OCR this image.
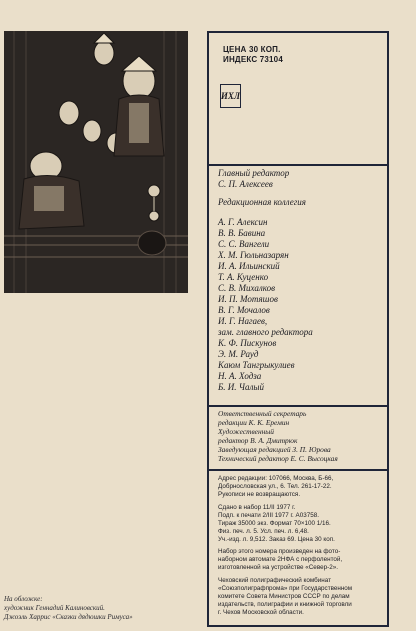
На обложке:
художник Геннадий Калиновский.
Джоэль Харрис «Сказки дядюшки Римуса»
ЦЕНА 30 КОП.
ИНДЕКС 73104
ИХЛ
Главный редактор
С. П. Алексеев
Редакционная коллегия
А. Г. Алексин
В. В. Бавина
С. С. Вангели
Х. М. Гюльназарян
И. А. Ильинский
Т. А. Куценко
С. В. Михалков
И. П. Мотяшов
В. Г. Мочалов
И. Г. Нагаев,
зам. главного редактора
К. Ф. Пискунов
Э. М. Рауд
Каюм Тангрыкулиев
Н. А. Ходза
Б. И. Чалый
Ответственный секретарь
редакции К. К. Еремин
Художественный
редактор В. А. Дмитрюк
Заведующая редакцией З. П. Юрова
Технический редактор Е. С. Высоцкая
Адрес редакции: 107066, Москва, Б-66,
Добрнословская ул., 6. Тел. 261-17-22.
Рукописи не возвращаются.
Сдано в набор 11/II 1977 г.
Подп. к печати 2/III 1977 г. А03758.
Тираж 35000 экз. Формат 70×100 1/16.
Физ. печ. л. 5. Усл. печ. л. 6,48.
Уч.-изд. л. 9,512. Заказ 69. Цена 30 коп.
Набор этого номера произведен на фото-
наборном автомате 2НФА с перфолентой,
изготовленной на устройстве «Север-2».
Чеховский полиграфический комбинат
«Союзполиграфпрома» при Государственном
комитете Совета Министров СССР по делам
издательств, полиграфии и книжной торговли
г. Чехов Московской области.
